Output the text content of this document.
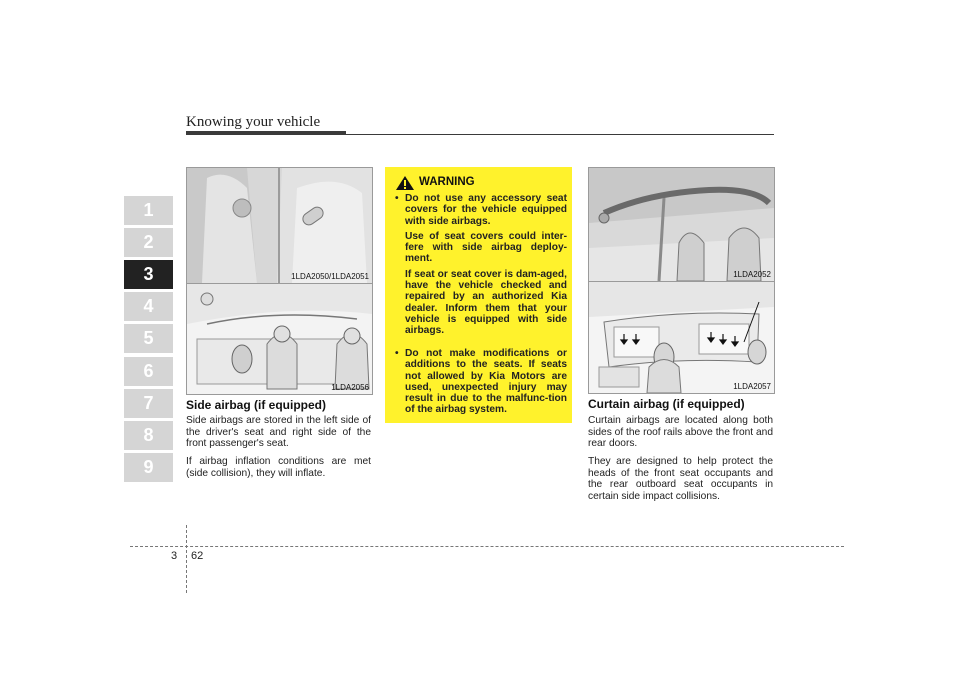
Knowing your vehicle
1
2
3
4
5
6
7
8
9
1LDA2050/1LDA2051
1LDA2056
Side airbag (if equipped)

Side airbags are stored in the left side of the driver's seat and right side of the front passenger's seat.

If airbag inflation conditions are met (side collision), they will inflate.

WARNING
• Do not use any accessory seat covers for the vehicle equipped with side airbags.

Use of seat covers could inter-fere with side airbag deploy-ment.

If seat or seat cover is dam-aged, have the vehicle checked and repaired by an authorized Kia dealer. Inform them that your vehicle is equipped with side airbags.

• Do not make modifications or additions to the seats. If seats not allowed by Kia Motors are used, unexpected injury may result in due to the malfunc-tion of the airbag system.

1LDA2052
1LDA2057
Curtain airbag (if equipped)

Curtain airbags are located along both sides of the roof rails above the front and rear doors.

They are designed to help protect the heads of the front seat occupants and the rear outboard seat occupants in certain side impact collisions.

3 62
